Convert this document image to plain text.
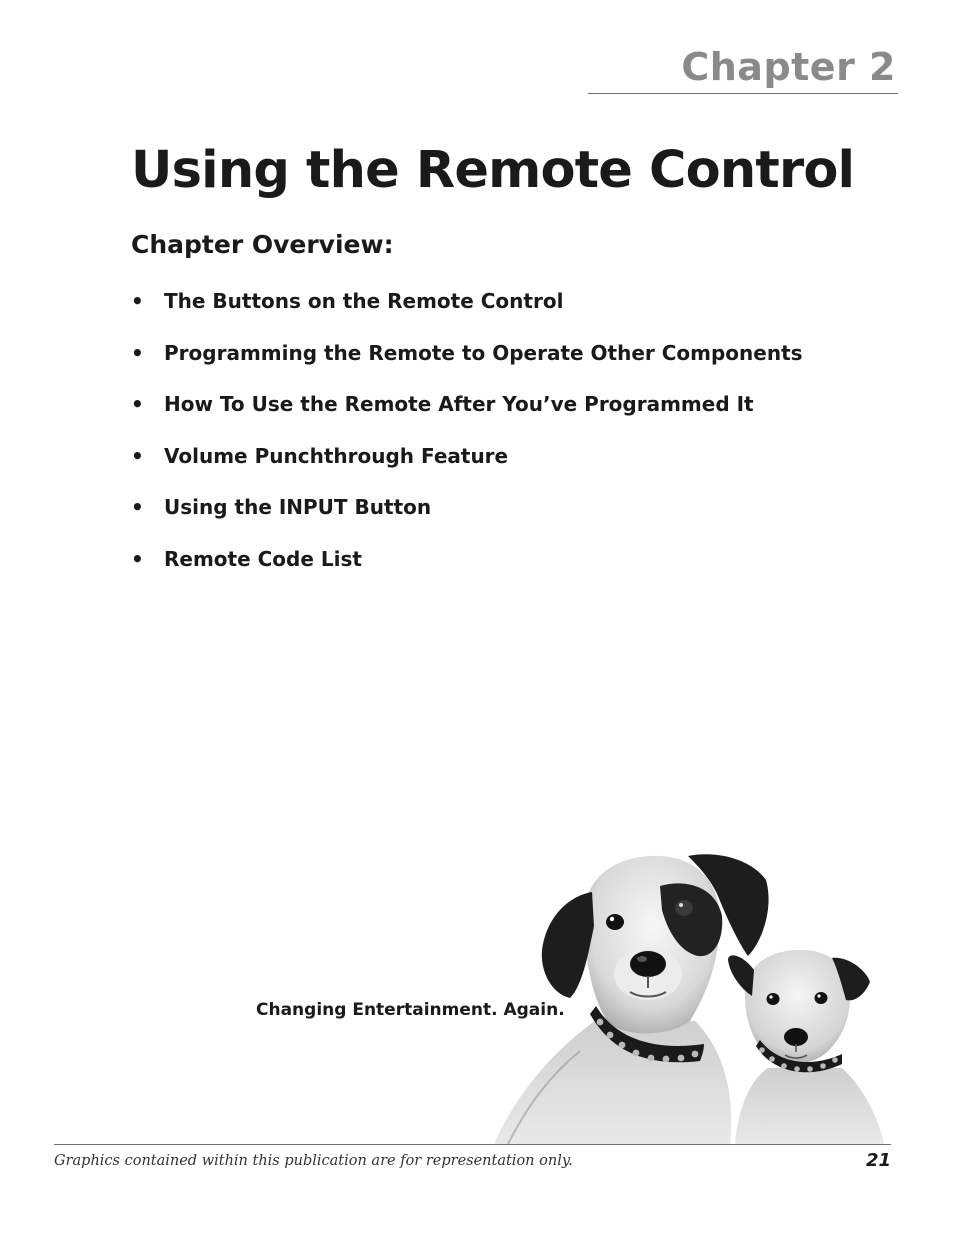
Chapter 2
Using the Remote Control
Chapter Overview:
•	The Buttons on the Remote Control
•	Programming the Remote to Operate Other Components
•	How To Use the Remote After You’ve Programmed It
•	Volume Punchthrough Feature
•	Using the INPUT Button
•	Remote Code List

Changing Entertainment. Again.

Graphics contained within this publication are for representation only.	21
